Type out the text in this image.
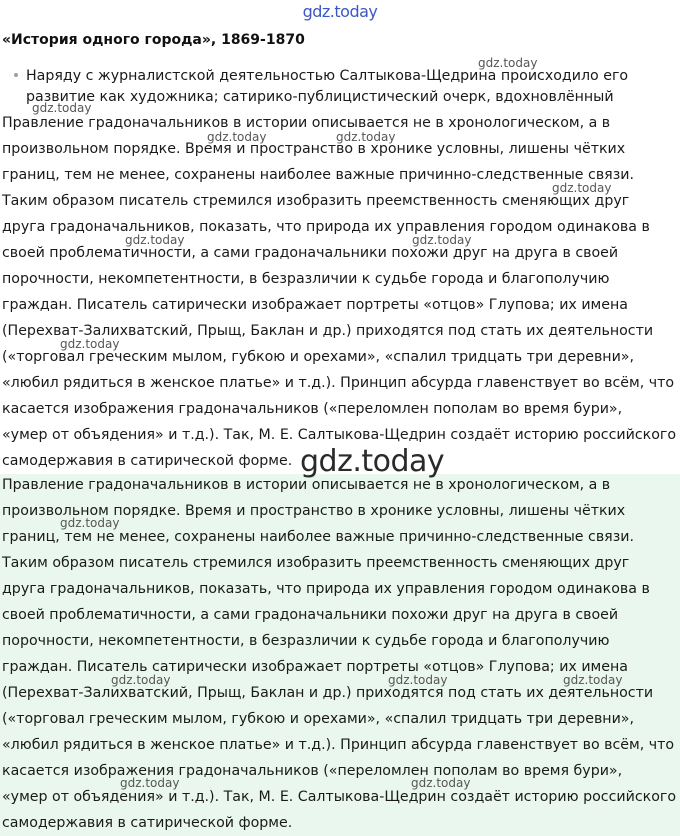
gdz.today
«История одного города», 1869-1870
Наряду с журналистской деятельностью Салтыкова-Щедрина происходило его
развитие как художника; сатирико-публицистический очерк, вдохновлённый
Правление градоначальников в истории описывается не в хронологическом, а в
произвольном порядке. Время и пространство в хронике условны, лишены чётких
границ, тем не менее, сохранены наиболее важные причинно-следственные связи.
Таким образом писатель стремился изобразить преемственность сменяющих друг
друга градоначальников, показать, что природа их управления городом одинакова в
своей проблематичности, а сами градоначальники похожи друг на друга в своей
порочности, некомпетентности, в безразличии к судьбе города и благополучию
граждан. Писатель сатирически изображает портреты «отцов» Глупова; их имена
(Перехват-Залихватский, Прыщ, Баклан и др.) приходятся под стать их деятельности
(«торговал греческим мылом, губкою и орехами», «спалил тридцать три деревни»,
«любил рядиться в женское платье» и т.д.). Принцип абсурда главенствует во всём, что
касается изображения градоначальников («переломлен пополам во время бури»,
«умер от объядения» и т.д.). Так, М. Е. Салтыкова-Щедрин создаёт историю российского
самодержавия в сатирической форме.
Правление градоначальников в истории описывается не в хронологическом, а в
произвольном порядке. Время и пространство в хронике условны, лишены чётких
границ, тем не менее, сохранены наиболее важные причинно-следственные связи.
Таким образом писатель стремился изобразить преемственность сменяющих друг
друга градоначальников, показать, что природа их управления городом одинакова в
своей проблематичности, а сами градоначальники похожи друг на друга в своей
порочности, некомпетентности, в безразличии к судьбе города и благополучию
граждан. Писатель сатирически изображает портреты «отцов» Глупова; их имена
(Перехват-Залихватский, Прыщ, Баклан и др.) приходятся под стать их деятельности
(«торговал греческим мылом, губкою и орехами», «спалил тридцать три деревни»,
«любил рядиться в женское платье» и т.д.). Принцип абсурда главенствует во всём, что
касается изображения градоначальников («переломлен пополам во время бури»,
«умер от объядения» и т.д.). Так, М. Е. Салтыкова-Щедрин создаёт историю российского
самодержавия в сатирической форме.
gdz.today
gdz.today
gdz.today	gdz.today
gdz.today
gdz.today	gdz.today
gdz.today
gdz.today
gdz.today	gdz.today	gdz.today
gdz.today	gdz.today
gdz.today
